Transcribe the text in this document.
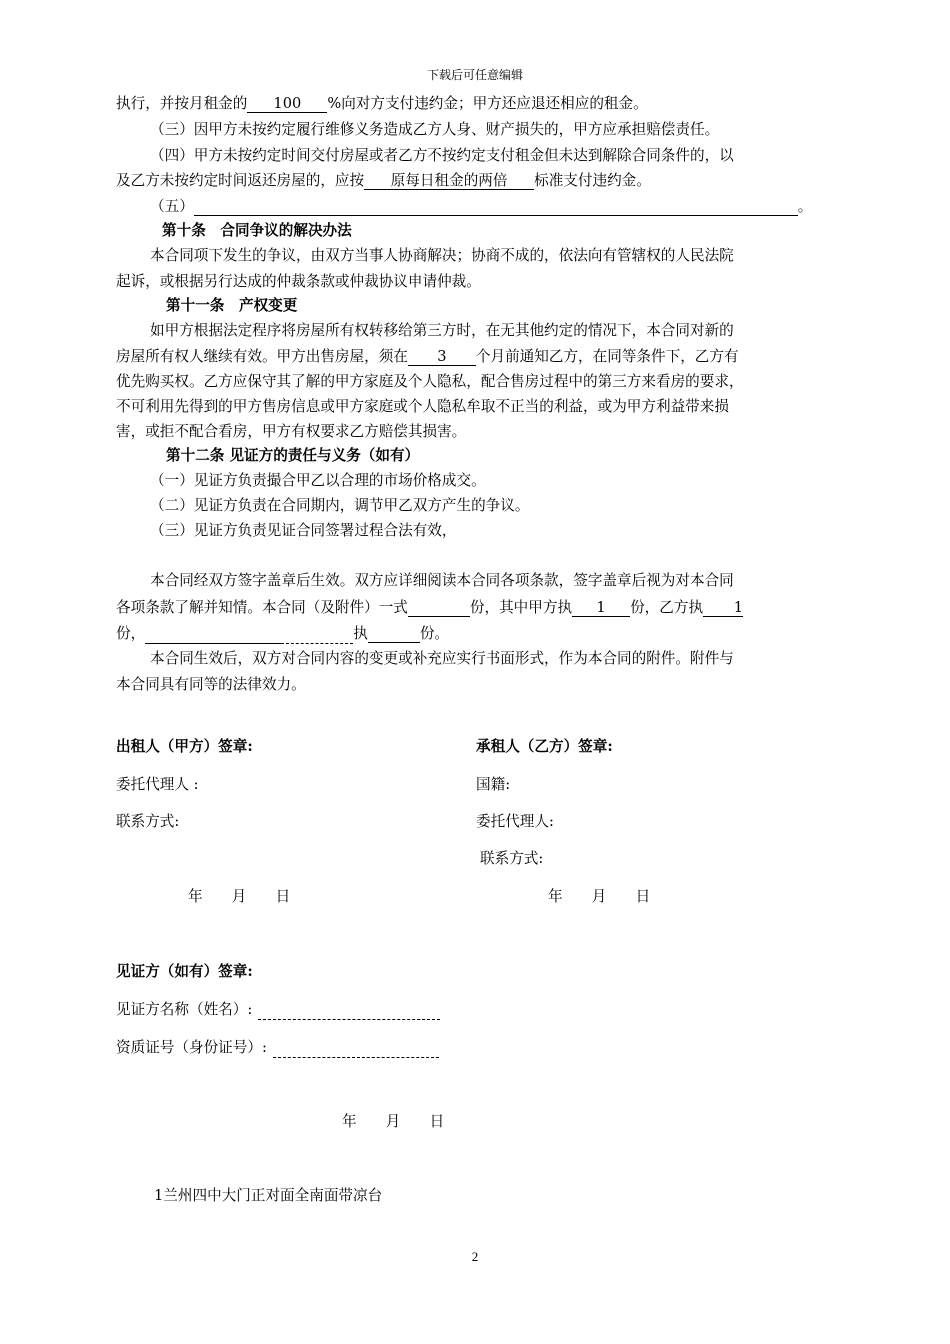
下载后可任意编辑
执行，并按月租金的 100 %向对方支付违约金；甲方还应退还相应的租金。
（三）因甲方未按约定履行维修义务造成乙方人身、财产损失的，甲方应承担赔偿责任。
（四）甲方未按约定时间交付房屋或者乙方不按约定支付租金但未达到解除合同条件的，以
及乙方未按约定时间返还房屋的，应按 原每日租金的两倍 标准支付违约金。
（五）	。
第十条　合同争议的解决办法
本合同项下发生的争议，由双方当事人协商解决；协商不成的，依法向有管辖权的人民法院
起诉，或根据另行达成的仲裁条款或仲裁协议申请仲裁。
第十一条　产权变更
如甲方根据法定程序将房屋所有权转移给第三方时，在无其他约定的情况下，本合同对新的
房屋所有权人继续有效。甲方出售房屋，须在 3 个月前通知乙方，在同等条件下，乙方有
优先购买权。乙方应保守其了解的甲方家庭及个人隐私，配合售房过程中的第三方来看房的要求，
不可利用先得到的甲方售房信息或甲方家庭或个人隐私牟取不正当的利益，或为甲方利益带来损
害，或拒不配合看房，甲方有权要求乙方赔偿其损害。
第十二条 见证方的责任与义务（如有）
（一）见证方负责撮合甲乙以合理的市场价格成交。
（二）见证方负责在合同期内，调节甲乙双方产生的争议。
（三）见证方负责见证合同签署过程合法有效，
本合同经双方签字盖章后生效。双方应详细阅读本合同各项条款，签字盖章后视为对本合同
各项条款了解并知情。本合同（及附件）一式	份，其中甲方执 1 份，乙方执 1
份，	执	份。
本合同生效后，双方对合同内容的变更或补充应实行书面形式，作为本合同的附件。附件与
本合同具有同等的法律效力。
出租人（甲方）签章:
委托代理人 :
联系方式:
年　　月　　日
承租人（乙方）签章:
国籍:
委托代理人:
联系方式:
年　　月　　日
见证方（如有）签章:
见证方名称（姓名）:
资质证号（身份证号）:
年　　月　　日
1兰州四中大门正对面全南面带凉台
2
